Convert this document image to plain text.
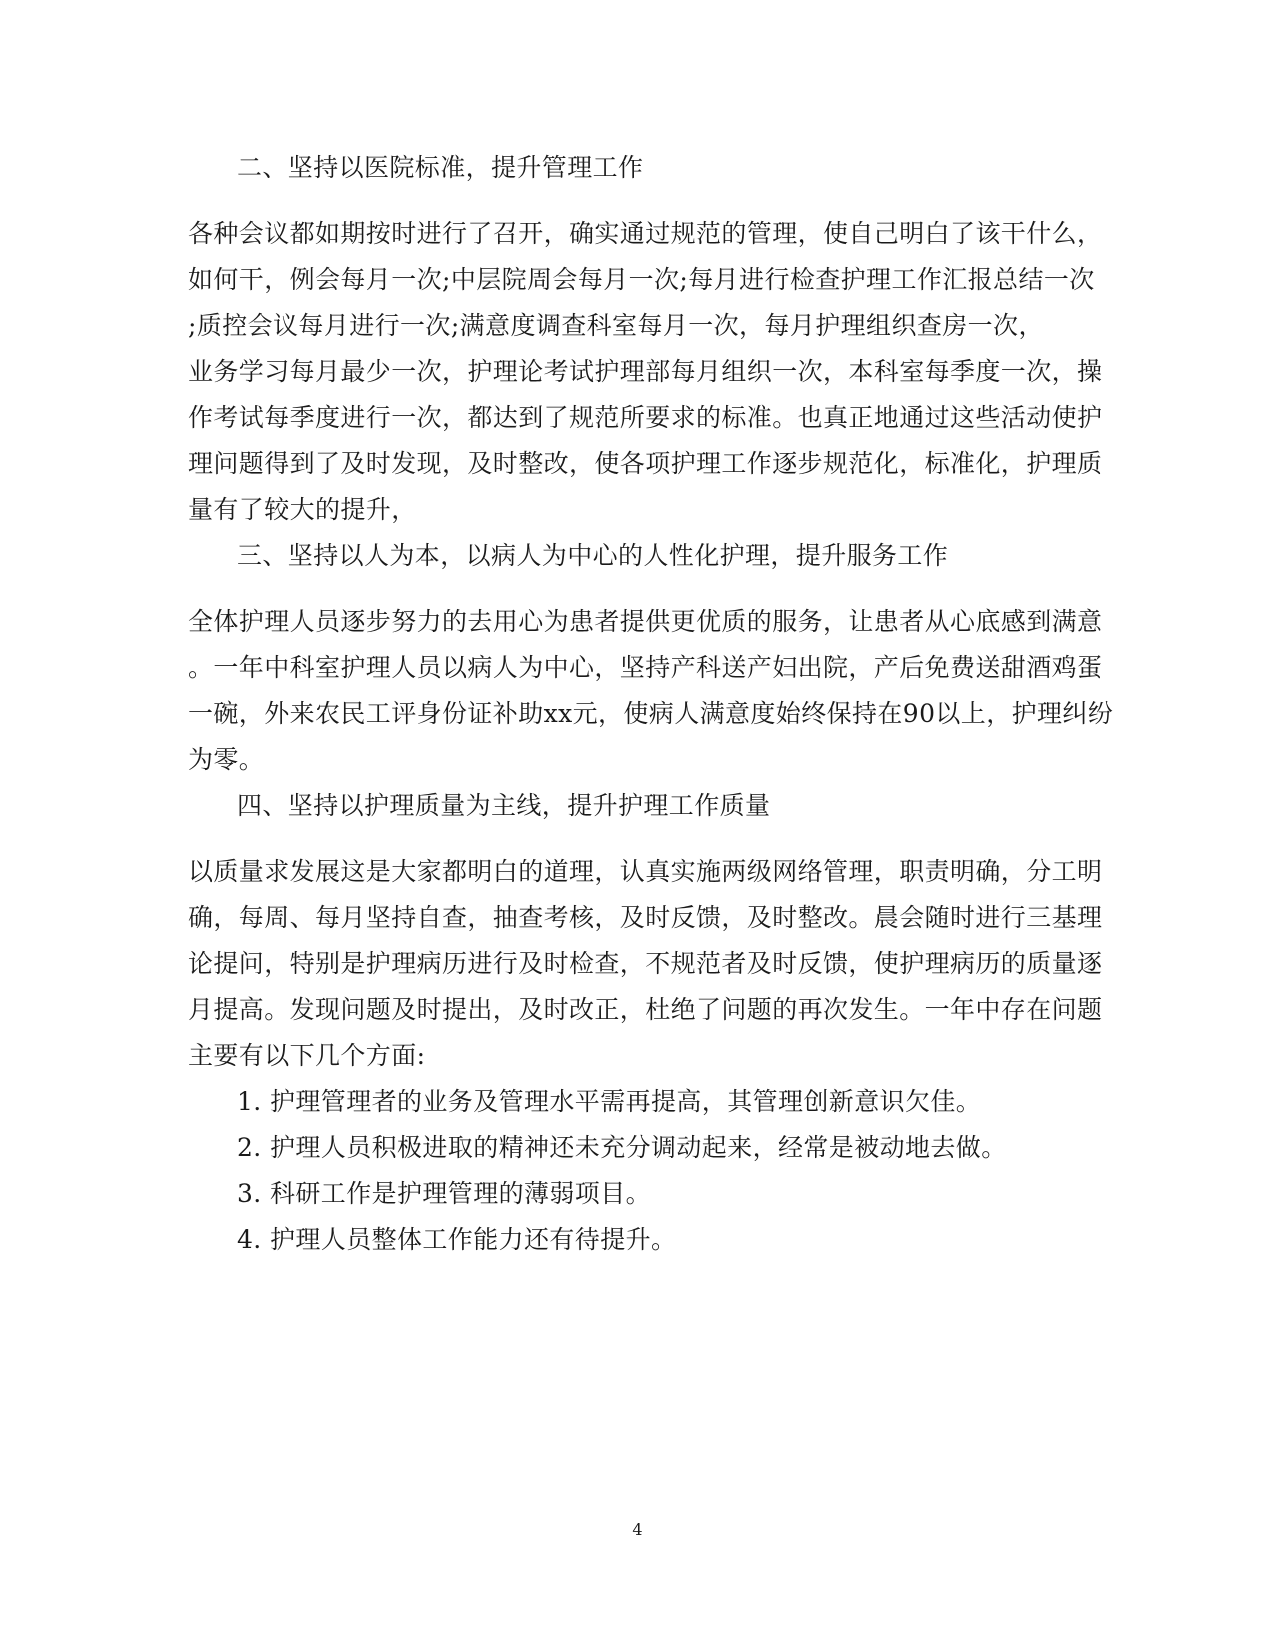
二、坚持以医院标准，提升管理工作
各种会议都如期按时进行了召开，确实通过规范的管理，使自己明白了该干什么，
如何干，例会每月一次;中层院周会每月一次;每月进行检查护理工作汇报总结一次
;质控会议每月进行一次;满意度调查科室每月一次，每月护理组织查房一次，
业务学习每月最少一次，护理论考试护理部每月组织一次，本科室每季度一次，操
作考试每季度进行一次，都达到了规范所要求的标准。也真正地通过这些活动使护
理问题得到了及时发现，及时整改，使各项护理工作逐步规范化，标准化，护理质
量有了较大的提升，
三、坚持以人为本，以病人为中心的人性化护理，提升服务工作
全体护理人员逐步努力的去用心为患者提供更优质的服务，让患者从心底感到满意
。一年中科室护理人员以病人为中心，坚持产科送产妇出院，产后免费送甜酒鸡蛋
一碗，外来农民工评身份证补助xx元，使病人满意度始终保持在90以上，护理纠纷
为零。
四、坚持以护理质量为主线，提升护理工作质量
以质量求发展这是大家都明白的道理，认真实施两级网络管理，职责明确，分工明
确，每周、每月坚持自查，抽查考核，及时反馈，及时整改。晨会随时进行三基理
论提问，特别是护理病历进行及时检查，不规范者及时反馈，使护理病历的质量逐
月提高。发现问题及时提出，及时改正，杜绝了问题的再次发生。一年中存在问题
主要有以下几个方面:
1. 护理管理者的业务及管理水平需再提高，其管理创新意识欠佳。
2. 护理人员积极进取的精神还未充分调动起来，经常是被动地去做。
3. 科研工作是护理管理的薄弱项目。
4. 护理人员整体工作能力还有待提升。
4
